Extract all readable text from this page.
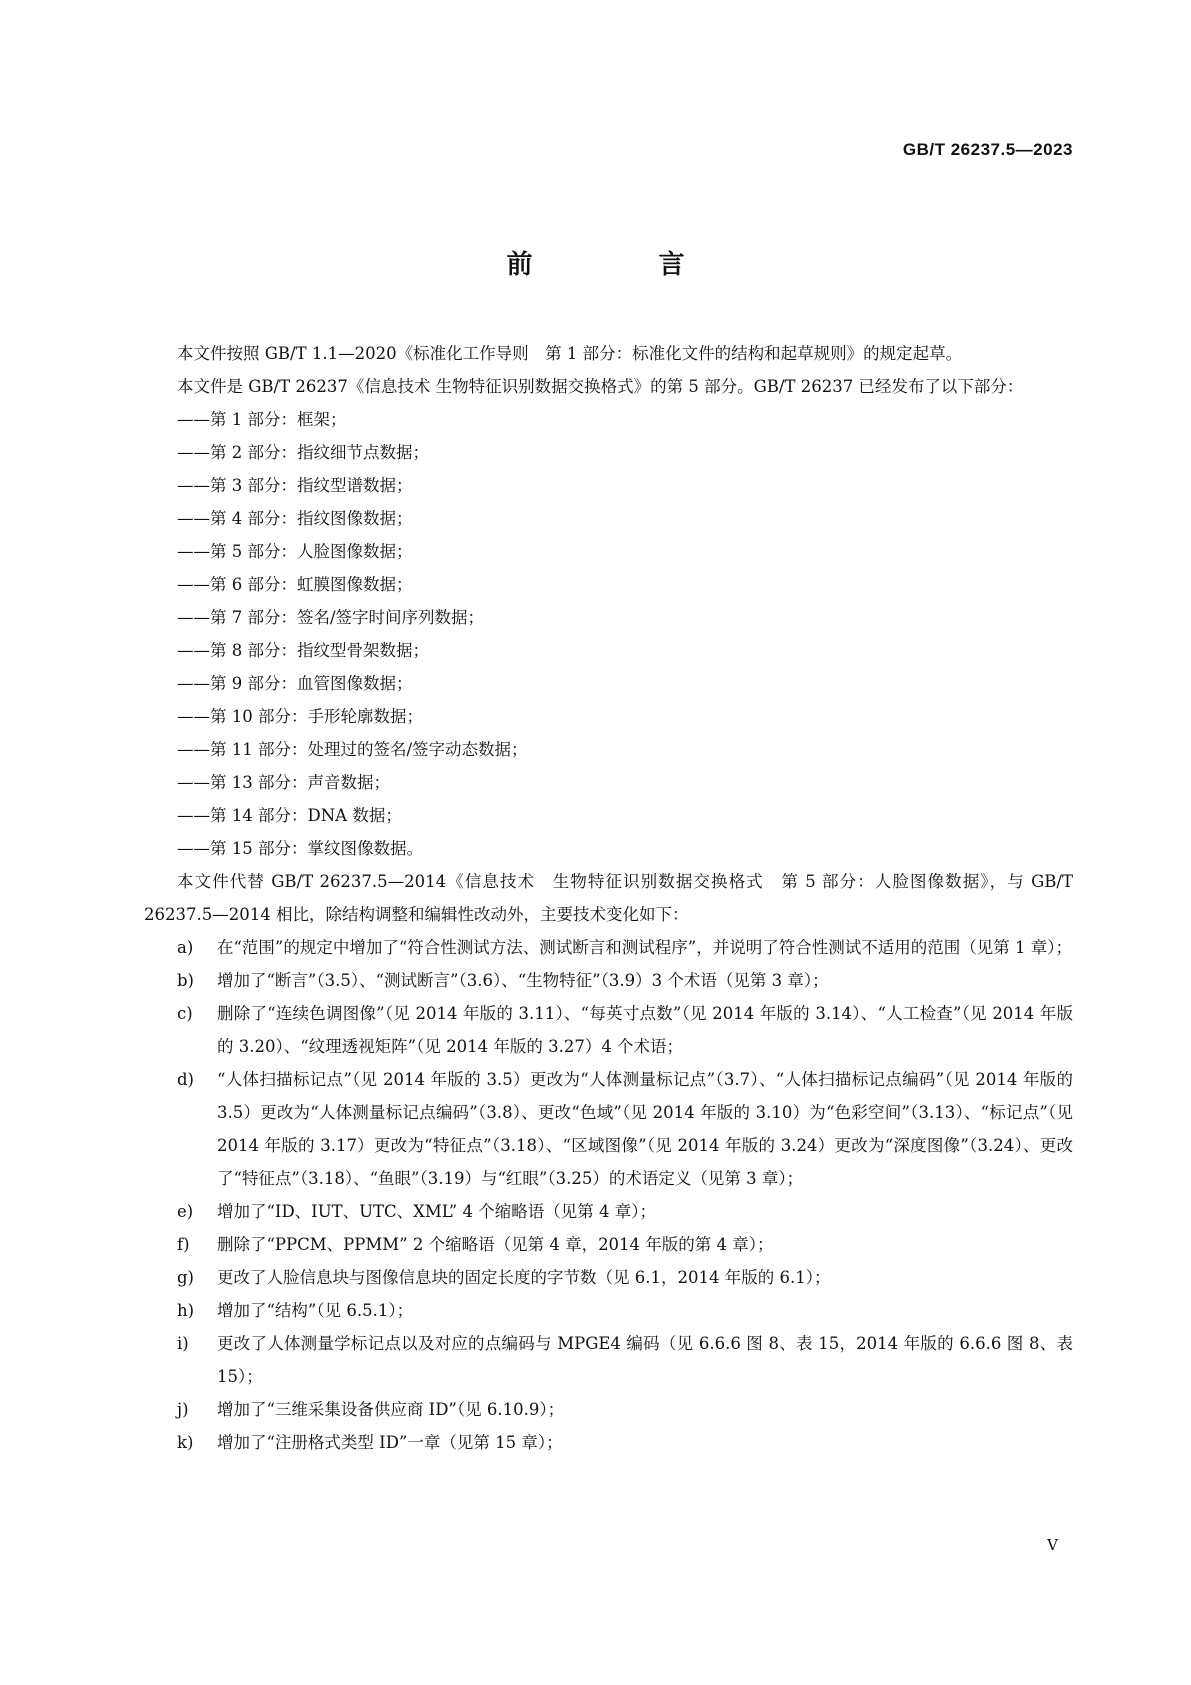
GB/T 26237.5—2023
前　言

本文件按照 GB/T 1.1—2020《标准化工作导则　第 1 部分：标准化文件的结构和起草规则》的规定起草。

本文件是 GB/T 26237《信息技术 生物特征识别数据交换格式》的第 5 部分。GB/T 26237 已经发布了以下部分：

——第 1 部分：框架；

——第 2 部分：指纹细节点数据；

——第 3 部分：指纹型谱数据；

——第 4 部分：指纹图像数据；

——第 5 部分：人脸图像数据；

——第 6 部分：虹膜图像数据；

——第 7 部分：签名/签字时间序列数据；

——第 8 部分：指纹型骨架数据；

——第 9 部分：血管图像数据；

——第 10 部分：手形轮廓数据；

——第 11 部分：处理过的签名/签字动态数据；

——第 13 部分：声音数据；

——第 14 部分：DNA 数据；

——第 15 部分：掌纹图像数据。

本文件代替 GB/T 26237.5—2014《信息技术　生物特征识别数据交换格式　第 5 部分：人脸图像数据》，与 GB/T 26237.5—2014 相比，除结构调整和编辑性改动外，主要技术变化如下：

a)	在“范围”的规定中增加了“符合性测试方法、测试断言和测试程序”，并说明了符合性测试不适用的范围（见第 1 章）；
b)	增加了“断言”（3.5）、“测试断言”（3.6）、“生物特征”（3.9）3 个术语（见第 3 章）；
c)	删除了“连续色调图像”（见 2014 年版的 3.11）、“每英寸点数”（见 2014 年版的 3.14）、“人工检查”（见 2014 年版的 3.20）、“纹理透视矩阵”（见 2014 年版的 3.27）4 个术语；
d)	“人体扫描标记点”（见 2014 年版的 3.5）更改为“人体测量标记点”（3.7）、“人体扫描标记点编码”（见 2014 年版的 3.5）更改为“人体测量标记点编码”（3.8）、更改“色域”（见 2014 年版的 3.10）为“色彩空间”（3.13）、“标记点”（见 2014 年版的 3.17）更改为“特征点”（3.18）、“区域图像”（见 2014 年版的 3.24）更改为“深度图像”（3.24）、更改了“特征点”（3.18）、“鱼眼”（3.19）与“红眼”（3.25）的术语定义（见第 3 章）；
e)	增加了“ID、IUT、UTC、XML” 4 个缩略语（见第 4 章）；
f)	删除了“PPCM、PPMM” 2 个缩略语（见第 4 章，2014 年版的第 4 章）；
g)	更改了人脸信息块与图像信息块的固定长度的字节数（见 6.1，2014 年版的 6.1）；
h)	增加了“结构”（见 6.5.1）；
i)	更改了人体测量学标记点以及对应的点编码与 MPGE4 编码（见 6.6.6 图 8、表 15，2014 年版的 6.6.6 图 8、表 15）；
j)	增加了“三维采集设备供应商 ID”（见 6.10.9）；
k)	增加了“注册格式类型 ID”一章（见第 15 章）；
V
